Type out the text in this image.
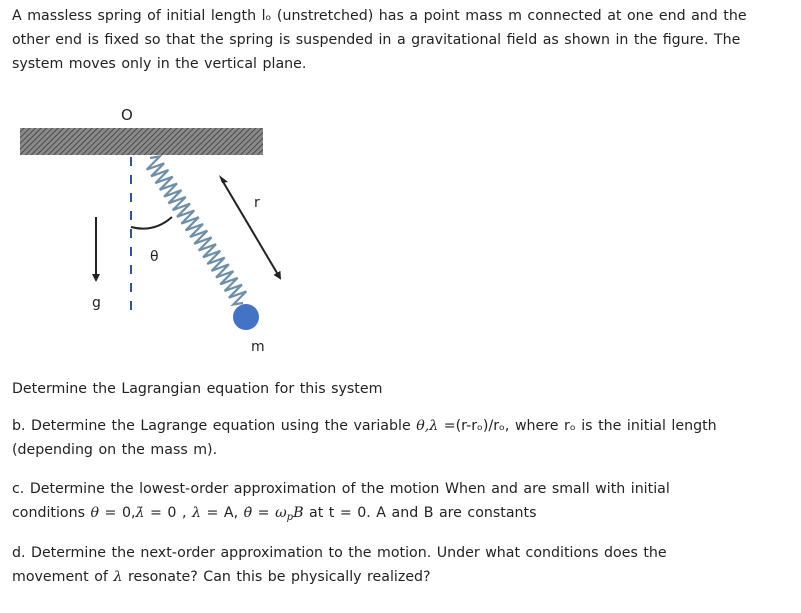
A massless spring of initial length lₒ (unstretched) has a point mass m connected at one end and the
other end is fixed so that the spring is suspended in a gravitational field as shown in the figure. The
system moves only in the vertical plane.
O
θ
r
g
m
Determine the Lagrangian equation for this system
b. Determine the Lagrange equation using the variable θ,λ =(r-rₒ)/rₒ, where rₒ is the initial length
(depending on the mass m).
c. Determine the lowest-order approximation of the motion When and are small with initial
conditions θ = 0,λ̇ = 0 , λ = A, θ̇ = $\omega_pB$ at t = 0. A and B are constants
d. Determine the next-order approximation to the motion. Under what conditions does the
movement of λ resonate? Can this be physically realized?
